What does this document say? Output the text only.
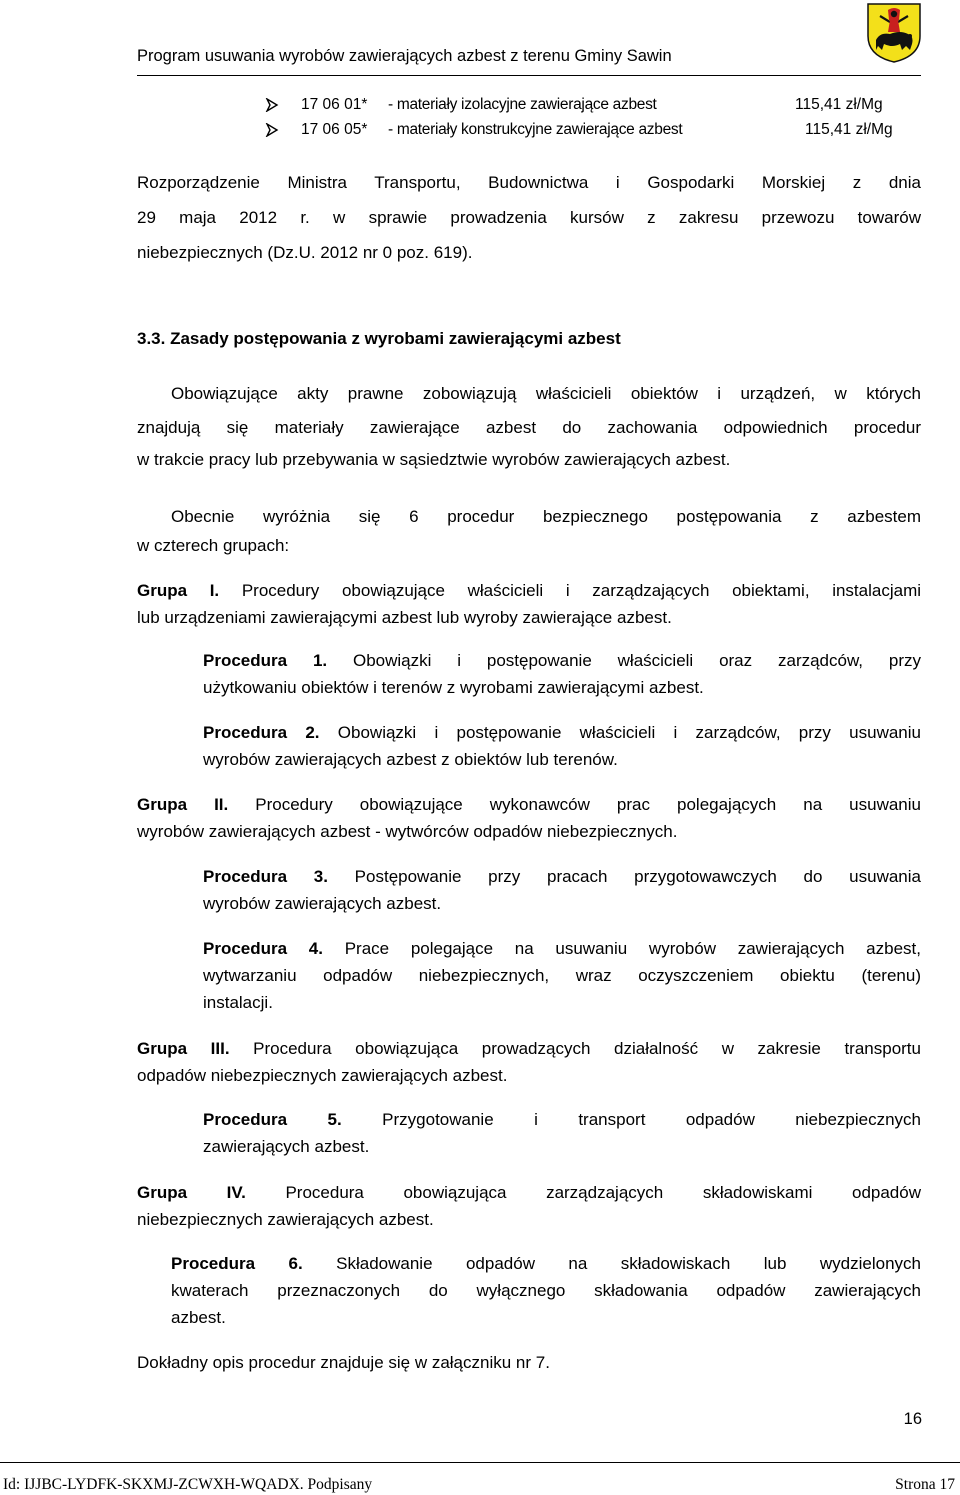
Program usuwania wyrobów zawierających azbest z terenu Gminy Sawin
17 06 01* - materiały izolacyjne zawierające azbest	115,41 zł/Mg
17 06 05* - materiały konstrukcyjne zawierające azbest	115,41 zł/Mg
Rozporządzenie Ministra Transportu, Budownictwa i Gospodarki Morskiej z dnia
29 maja 2012 r. w sprawie prowadzenia kursów z zakresu przewozu towarów
niebezpiecznych (Dz.U. 2012 nr 0 poz. 619).
3.3. Zasady postępowania z wyrobami zawierającymi azbest
Obowiązujące akty prawne zobowiązują właścicieli obiektów i urządzeń, w których
znajdują się materiały zawierające azbest do zachowania odpowiednich procedur
w trakcie pracy lub przebywania w sąsiedztwie wyrobów zawierających azbest.
Obecnie wyróżnia się 6 procedur bezpiecznego postępowania z azbestem
w czterech grupach:
Grupa I. Procedury obowiązujące właścicieli i zarządzających obiektami, instalacjami
lub urządzeniami zawierającymi azbest lub wyroby zawierające azbest.
Procedura 1. Obowiązki i postępowanie właścicieli oraz zarządców, przy
użytkowaniu obiektów i terenów z wyrobami zawierającymi azbest.
Procedura 2. Obowiązki i postępowanie właścicieli i zarządców, przy usuwaniu
wyrobów zawierających azbest z obiektów lub terenów.
Grupa II. Procedury obowiązujące wykonawców prac polegających na usuwaniu
wyrobów zawierających azbest - wytwórców odpadów niebezpiecznych.
Procedura 3. Postępowanie przy pracach przygotowawczych do usuwania
wyrobów zawierających azbest.
Procedura 4. Prace polegające na usuwaniu wyrobów zawierających azbest,
wytwarzaniu odpadów niebezpiecznych, wraz oczyszczeniem obiektu (terenu)
instalacji.
Grupa III. Procedura obowiązująca prowadzących działalność w zakresie transportu
odpadów niebezpiecznych zawierających azbest.
Procedura 5. Przygotowanie i transport odpadów niebezpiecznych
zawierających azbest.
Grupa IV. Procedura obowiązująca zarządzających składowiskami odpadów
niebezpiecznych zawierających azbest.
Procedura 6. Składowanie odpadów na składowiskach lub wydzielonych
kwaterach przeznaczonych do wyłącznego składowania odpadów zawierających
azbest.
Dokładny opis procedur znajduje się w załączniku nr 7.
16
Id: IJJBC-LYDFK-SKXMJ-ZCWXH-WQADX. Podpisany	Strona 17
